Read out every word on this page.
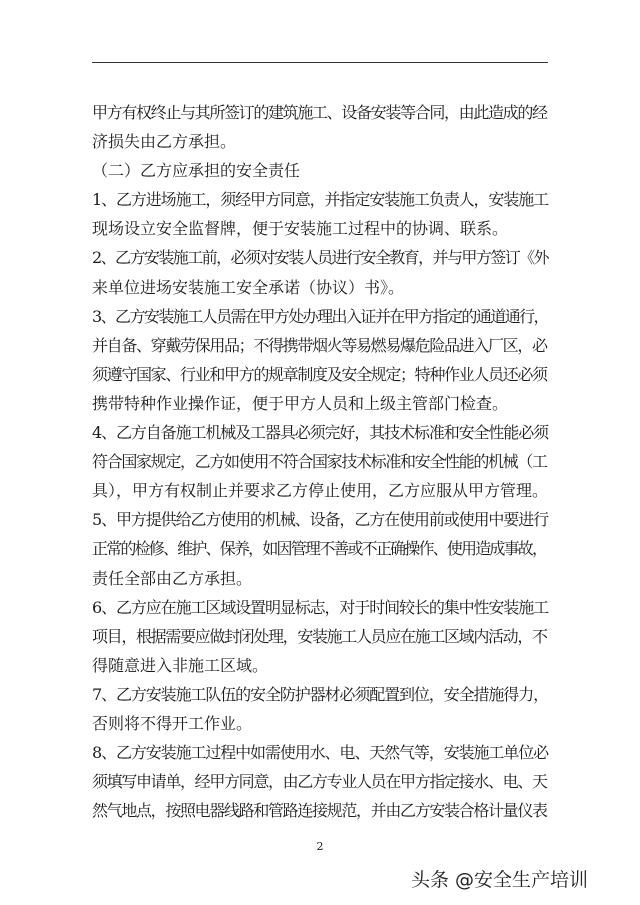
甲方有权终止与其所签订的建筑施工、设备安装等合同，由此造成的经
济损失由乙方承担。
（二）乙方应承担的安全责任
1、乙方进场施工，须经甲方同意，并指定安装施工负责人，安装施工
现场设立安全监督牌，便于安装施工过程中的协调、联系。
2、乙方安装施工前，必须对安装人员进行安全教育，并与甲方签订《外
来单位进场安装施工安全承诺（协议）书》。
3、乙方安装施工人员需在甲方处办理出入证并在甲方指定的通道通行，
并自备、穿戴劳保用品；不得携带烟火等易燃易爆危险品进入厂区，必
须遵守国家、行业和甲方的规章制度及安全规定；特种作业人员还必须
携带特种作业操作证，便于甲方人员和上级主管部门检查。
4、乙方自备施工机械及工器具必须完好，其技术标准和安全性能必须
符合国家规定，乙方如使用不符合国家技术标准和安全性能的机械（工
具），甲方有权制止并要求乙方停止使用，乙方应服从甲方管理。
5、甲方提供给乙方使用的机械、设备，乙方在使用前或使用中要进行
正常的检修、维护、保养，如因管理不善或不正确操作、使用造成事故，
责任全部由乙方承担。
6、乙方应在施工区域设置明显标志，对于时间较长的集中性安装施工
项目，根据需要应做封闭处理，安装施工人员应在施工区域内活动，不
得随意进入非施工区域。
7、乙方安装施工队伍的安全防护器材必须配置到位，安全措施得力，
否则将不得开工作业。
8、乙方安装施工过程中如需使用水、电、天然气等，安装施工单位必
须填写申请单，经甲方同意，由乙方专业人员在甲方指定接水、电、天
然气地点，按照电器线路和管路连接规范，并由乙方安装合格计量仪表
2
头条 @安全生产培训
